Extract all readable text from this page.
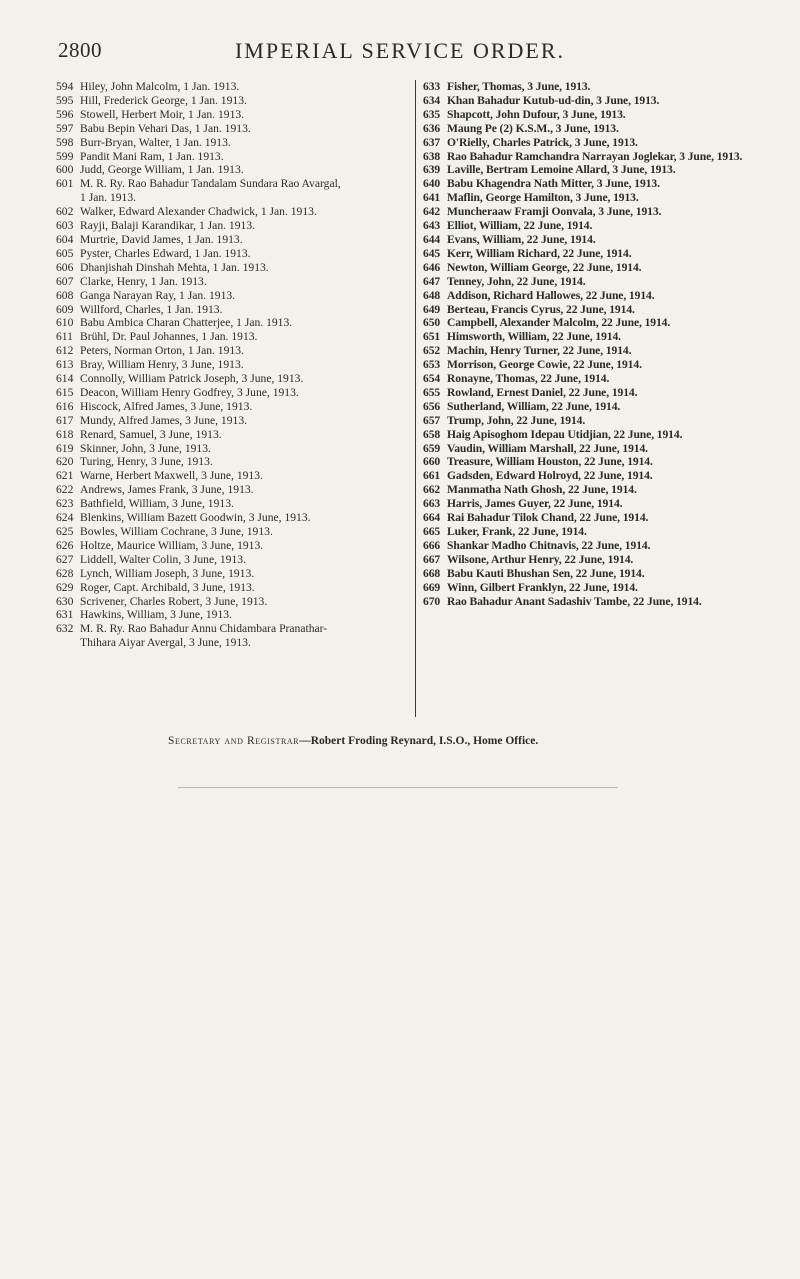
2800	IMPERIAL SERVICE ORDER.
594 Hiley, John Malcolm, 1 Jan. 1913.
595 Hill, Frederick George, 1 Jan. 1913.
596 Stowell, Herbert Moir, 1 Jan. 1913.
597 Babu Bepin Vehari Das, 1 Jan. 1913.
598 Burr-Bryan, Walter, 1 Jan. 1913.
599 Pandit Mani Ram, 1 Jan. 1913.
600 Judd, George William, 1 Jan. 1913.
601 M. R. Ry. Rao Bahadur Tandalam Sundara Rao Avargal,
1 Jan. 1913.
602 Walker, Edward Alexander Chadwick, 1 Jan. 1913.
603 Rayji, Balaji Karandikar, 1 Jan. 1913.
604 Murtrie, David James, 1 Jan. 1913.
605 Pyster, Charles Edward, 1 Jan. 1913.
606 Dhanjishah Dinshah Mehta, 1 Jan. 1913.
607 Clarke, Henry, 1 Jan. 1913.
608 Ganga Narayan Ray, 1 Jan. 1913.
609 Willford, Charles, 1 Jan. 1913.
610 Babu Ambica Charan Chatterjee, 1 Jan. 1913.
611 Brühl, Dr. Paul Johannes, 1 Jan. 1913.
612 Peters, Norman Orton, 1 Jan. 1913.
613 Bray, William Henry, 3 June, 1913.
614 Connolly, William Patrick Joseph, 3 June, 1913.
615 Deacon, William Henry Godfrey, 3 June, 1913.
616 Hiscock, Alfred James, 3 June, 1913.
617 Mundy, Alfred James, 3 June, 1913.
618 Renard, Samuel, 3 June, 1913.
619 Skinner, John, 3 June, 1913.
620 Turing, Henry, 3 June, 1913.
621 Warne, Herbert Maxwell, 3 June, 1913.
622 Andrews, James Frank, 3 June, 1913.
623 Bathfield, William, 3 June, 1913.
624 Blenkins, William Bazett Goodwin, 3 June, 1913.
625 Bowles, William Cochrane, 3 June, 1913.
626 Holtze, Maurice William, 3 June, 1913.
627 Liddell, Walter Colin, 3 June, 1913.
628 Lynch, William Joseph, 3 June, 1913.
629 Roger, Capt. Archibald, 3 June, 1913.
630 Scrivener, Charles Robert, 3 June, 1913.
631 Hawkins, William, 3 June, 1913.
632 M. R. Ry. Rao Bahadur Annu Chidambara Pranathar-
Thihara Aiyar Avergal, 3 June, 1913.
633 Fisher, Thomas, 3 June, 1913.
634 Khan Bahadur Kutub-ud-din, 3 June, 1913.
635 Shapcott, John Dufour, 3 June, 1913.
636 Maung Pe (2) K.S.M., 3 June, 1913.
637 O'Rielly, Charles Patrick, 3 June, 1913.
638 Rao Bahadur Ramchandra Narrayan Joglekar, 3 June, 1913.
639 Laville, Bertram Lemoine Allard, 3 June, 1913.
640 Babu Khagendra Nath Mitter, 3 June, 1913.
641 Maflin, George Hamilton, 3 June, 1913.
642 Muncheraaw Framji Oonvala, 3 June, 1913.
643 Elliot, William, 22 June, 1914.
644 Evans, William, 22 June, 1914.
645 Kerr, William Richard, 22 June, 1914.
646 Newton, William George, 22 June, 1914.
647 Tenney, John, 22 June, 1914.
648 Addison, Richard Hallowes, 22 June, 1914.
649 Berteau, Francis Cyrus, 22 June, 1914.
650 Campbell, Alexander Malcolm, 22 June, 1914.
651 Himsworth, William, 22 June, 1914.
652 Machin, Henry Turner, 22 June, 1914.
653 Morrison, George Cowie, 22 June, 1914.
654 Ronayne, Thomas, 22 June, 1914.
655 Rowland, Ernest Daniel, 22 June, 1914.
656 Sutherland, William, 22 June, 1914.
657 Trump, John, 22 June, 1914.
658 Haig Apisoghom Idepau Utidjian, 22 June, 1914.
659 Vaudin, William Marshall, 22 June, 1914.
660 Treasure, William Houston, 22 June, 1914.
661 Gadsden, Edward Holroyd, 22 June, 1914.
662 Manmatha Nath Ghosh, 22 June, 1914.
663 Harris, James Guyer, 22 June, 1914.
664 Rai Bahadur Tilok Chand, 22 June, 1914.
665 Luker, Frank, 22 June, 1914.
666 Shankar Madho Chitnavis, 22 June, 1914.
667 Wilsone, Arthur Henry, 22 June, 1914.
668 Babu Kauti Bhushan Sen, 22 June, 1914.
669 Winn, Gilbert Franklyn, 22 June, 1914.
670 Rao Bahadur Anant Sadashiv Tambe, 22 June, 1914.
Secretary and Registrar—Robert Froding Reynard, I.S.O., Home Office.
